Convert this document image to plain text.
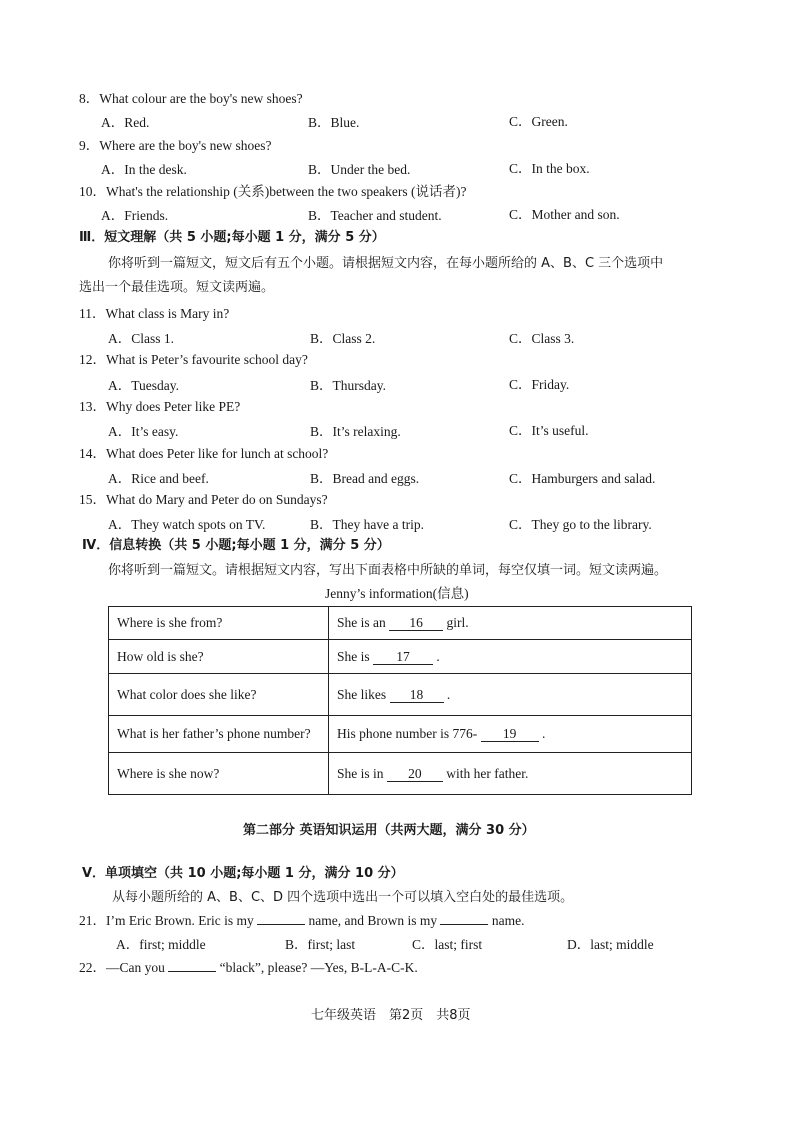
8．What colour are the boy's new shoes?
A．Red.	B．Blue.	C．Green.
9．Where are the boy's new shoes?
A．In the desk.	B．Under the bed.	C．In the box.
10．What's the relationship (关系)between the two speakers (说话者)?
A．Friends.	B．Teacher and student.	C．Mother and son.
Ⅲ．短文理解（共 5 小题;每小题 1 分，满分 5 分）
你将听到一篇短文，短文后有五个小题。请根据短文内容，在每小题所给的 A、B、C 三个选项中
选出一个最佳选项。短文读两遍。
11．What class is Mary in?
A．Class 1.	B．Class 2.	C．Class 3.
12．What is Peter’s favourite school day?
A．Tuesday.	B．Thursday.	C．Friday.
13．Why does Peter like PE?
A．It’s easy.	B．It’s relaxing.	C．It’s useful.
14．What does Peter like for lunch at school?
A．Rice and beef.	B．Bread and eggs.	C．Hamburgers and salad.
15．What do Mary and Peter do on Sundays?
A．They watch spots on TV.	B．They have a trip.	C．They go to the library.
Ⅳ．信息转换（共 5 小题;每小题 1 分，满分 5 分）
你将听到一篇短文。请根据短文内容，写出下面表格中所缺的单词，每空仅填一词。短文读两遍。
Jenny’s information(信息)
Where is she from?	She is an 16 girl.
How old is she?	She is 17 .
What color does she like?	She likes 18 .
What is her father’s phone number?	His phone number is 776- 19 .
Where is she now?	She is in 20 with her father.
第二部分 英语知识运用（共两大题，满分 30 分）
Ⅴ．单项填空（共 10 小题;每小题 1 分，满分 10 分）
从每小题所给的 A、B、C、D 四个选项中选出一个可以填入空白处的最佳选项。
21．I’m Eric Brown. Eric is my	name, and Brown is my	name.
A．first; middle	B．first; last	C．last; first	D．last; middle
22．—Can you	“black”, please? —Yes, B-L-A-C-K.
七年级英语　第2页　共8页
